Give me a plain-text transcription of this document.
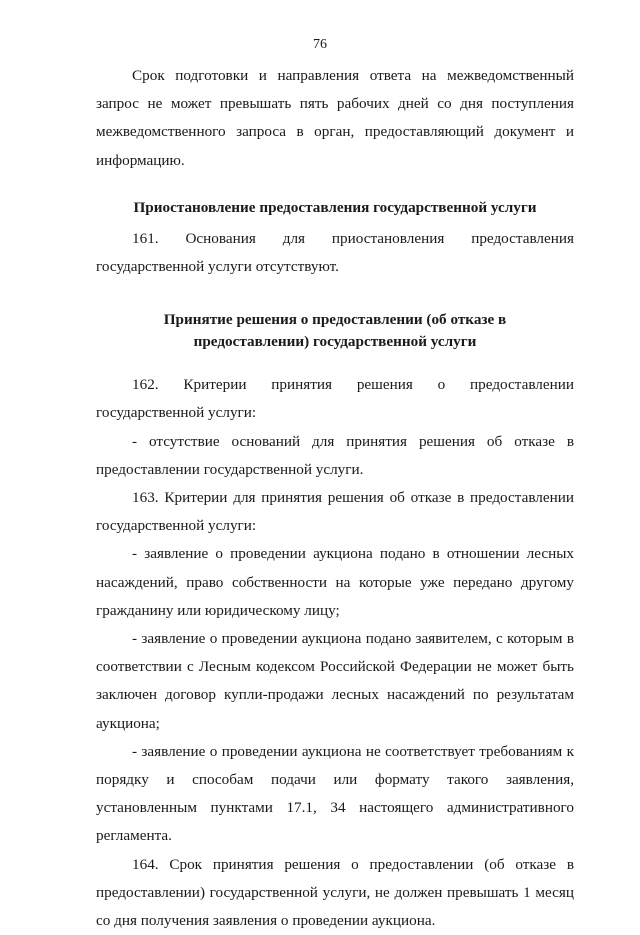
76

Срок подготовки и направления ответа на межведомственный запрос не может превышать пять рабочих дней со дня поступления межведомственного запроса в орган, предоставляющий документ и информацию.

Приостановление предоставления государственной услуги

161. Основания для приостановления предоставления государственной услуги отсутствуют.

Принятие решения о предоставлении (об отказе в
предоставлении) государственной услуги

162. Критерии принятия решения о предоставлении государственной услуги:

- отсутствие оснований для принятия решения об отказе в предоставлении государственной услуги.

163. Критерии для принятия решения об отказе в предоставлении государственной услуги:

- заявление о проведении аукциона подано в отношении лесных насаждений, право собственности на которые уже передано другому гражданину или юридическому лицу;

- заявление о проведении аукциона подано заявителем, с которым в соответствии с Лесным кодексом Российской Федерации не может быть заключен договор купли-продажи лесных насаждений по результатам аукциона;

- заявление о проведении аукциона не соответствует требованиям к порядку и способам подачи или формату такого заявления, установленным пунктами 17.1, 34 настоящего административного регламента.

164. Срок принятия решения о предоставлении (об отказе в предоставлении) государственной услуги, не должен превышать 1 месяц со дня получения заявления о проведении аукциона.
